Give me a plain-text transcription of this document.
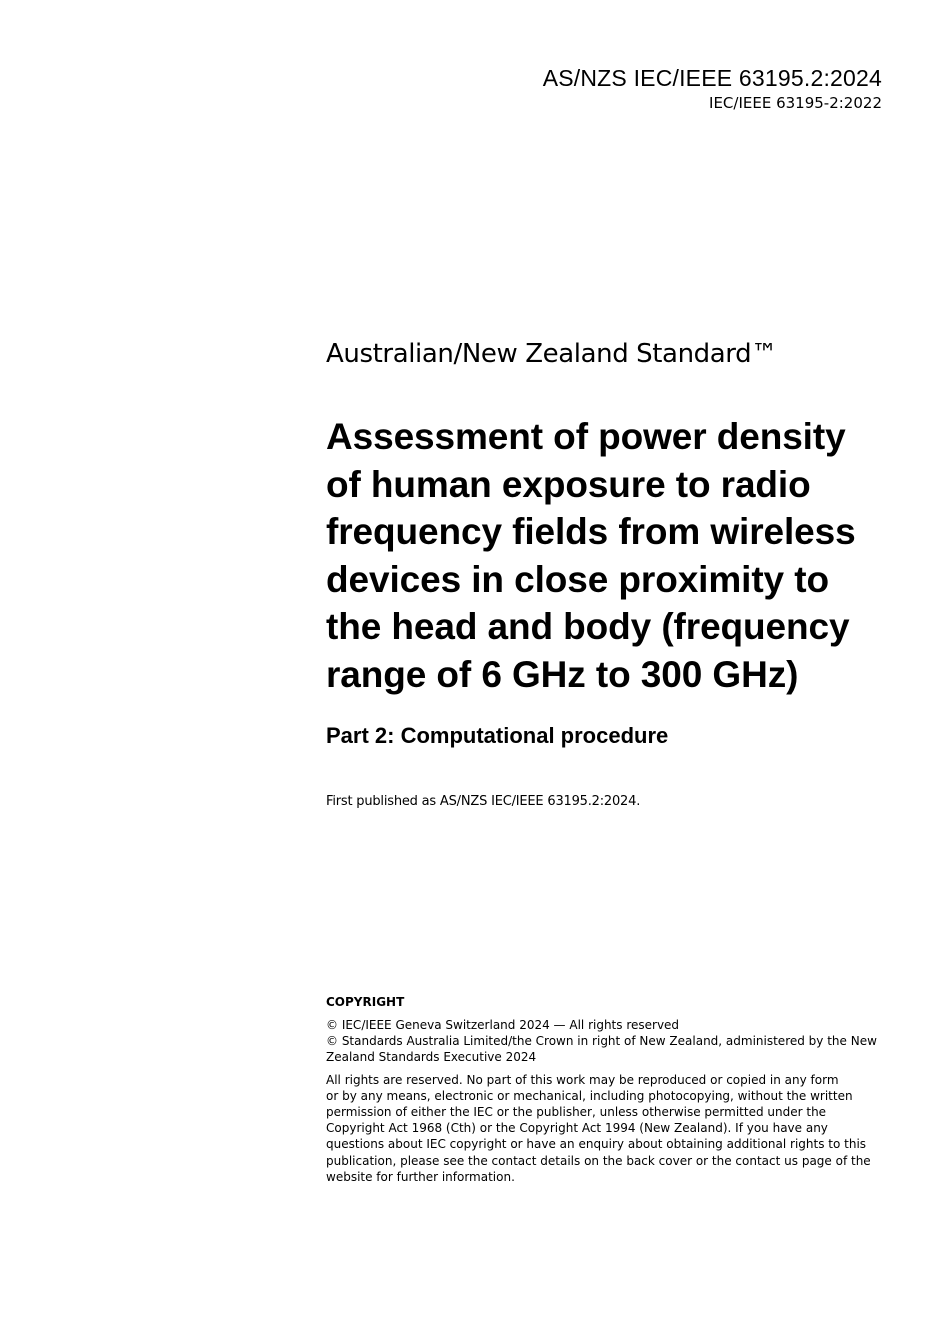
AS/NZS IEC/IEEE 63195.2:2024
IEC/IEEE 63195-2:2022
Australian/New Zealand Standard™
Assessment of power density
of human exposure to radio
frequency fields from wireless
devices in close proximity to
the head and body (frequency
range of 6 GHz to 300 GHz)
Part 2: Computational procedure
First published as AS/NZS IEC/IEEE 63195.2:2024.
COPYRIGHT
© IEC/IEEE Geneva Switzerland 2024 — All rights reserved
© Standards Australia Limited/the Crown in right of New Zealand, administered by the New
Zealand Standards Executive 2024
All rights are reserved. No part of this work may be reproduced or copied in any form
or by any means, electronic or mechanical, including photocopying, without the written
permission of either the IEC or the publisher, unless otherwise permitted under the
Copyright Act 1968 (Cth) or the Copyright Act 1994 (New Zealand). If you have any
questions about IEC copyright or have an enquiry about obtaining additional rights to this
publication, please see the contact details on the back cover or the contact us page of the
website for further information.
